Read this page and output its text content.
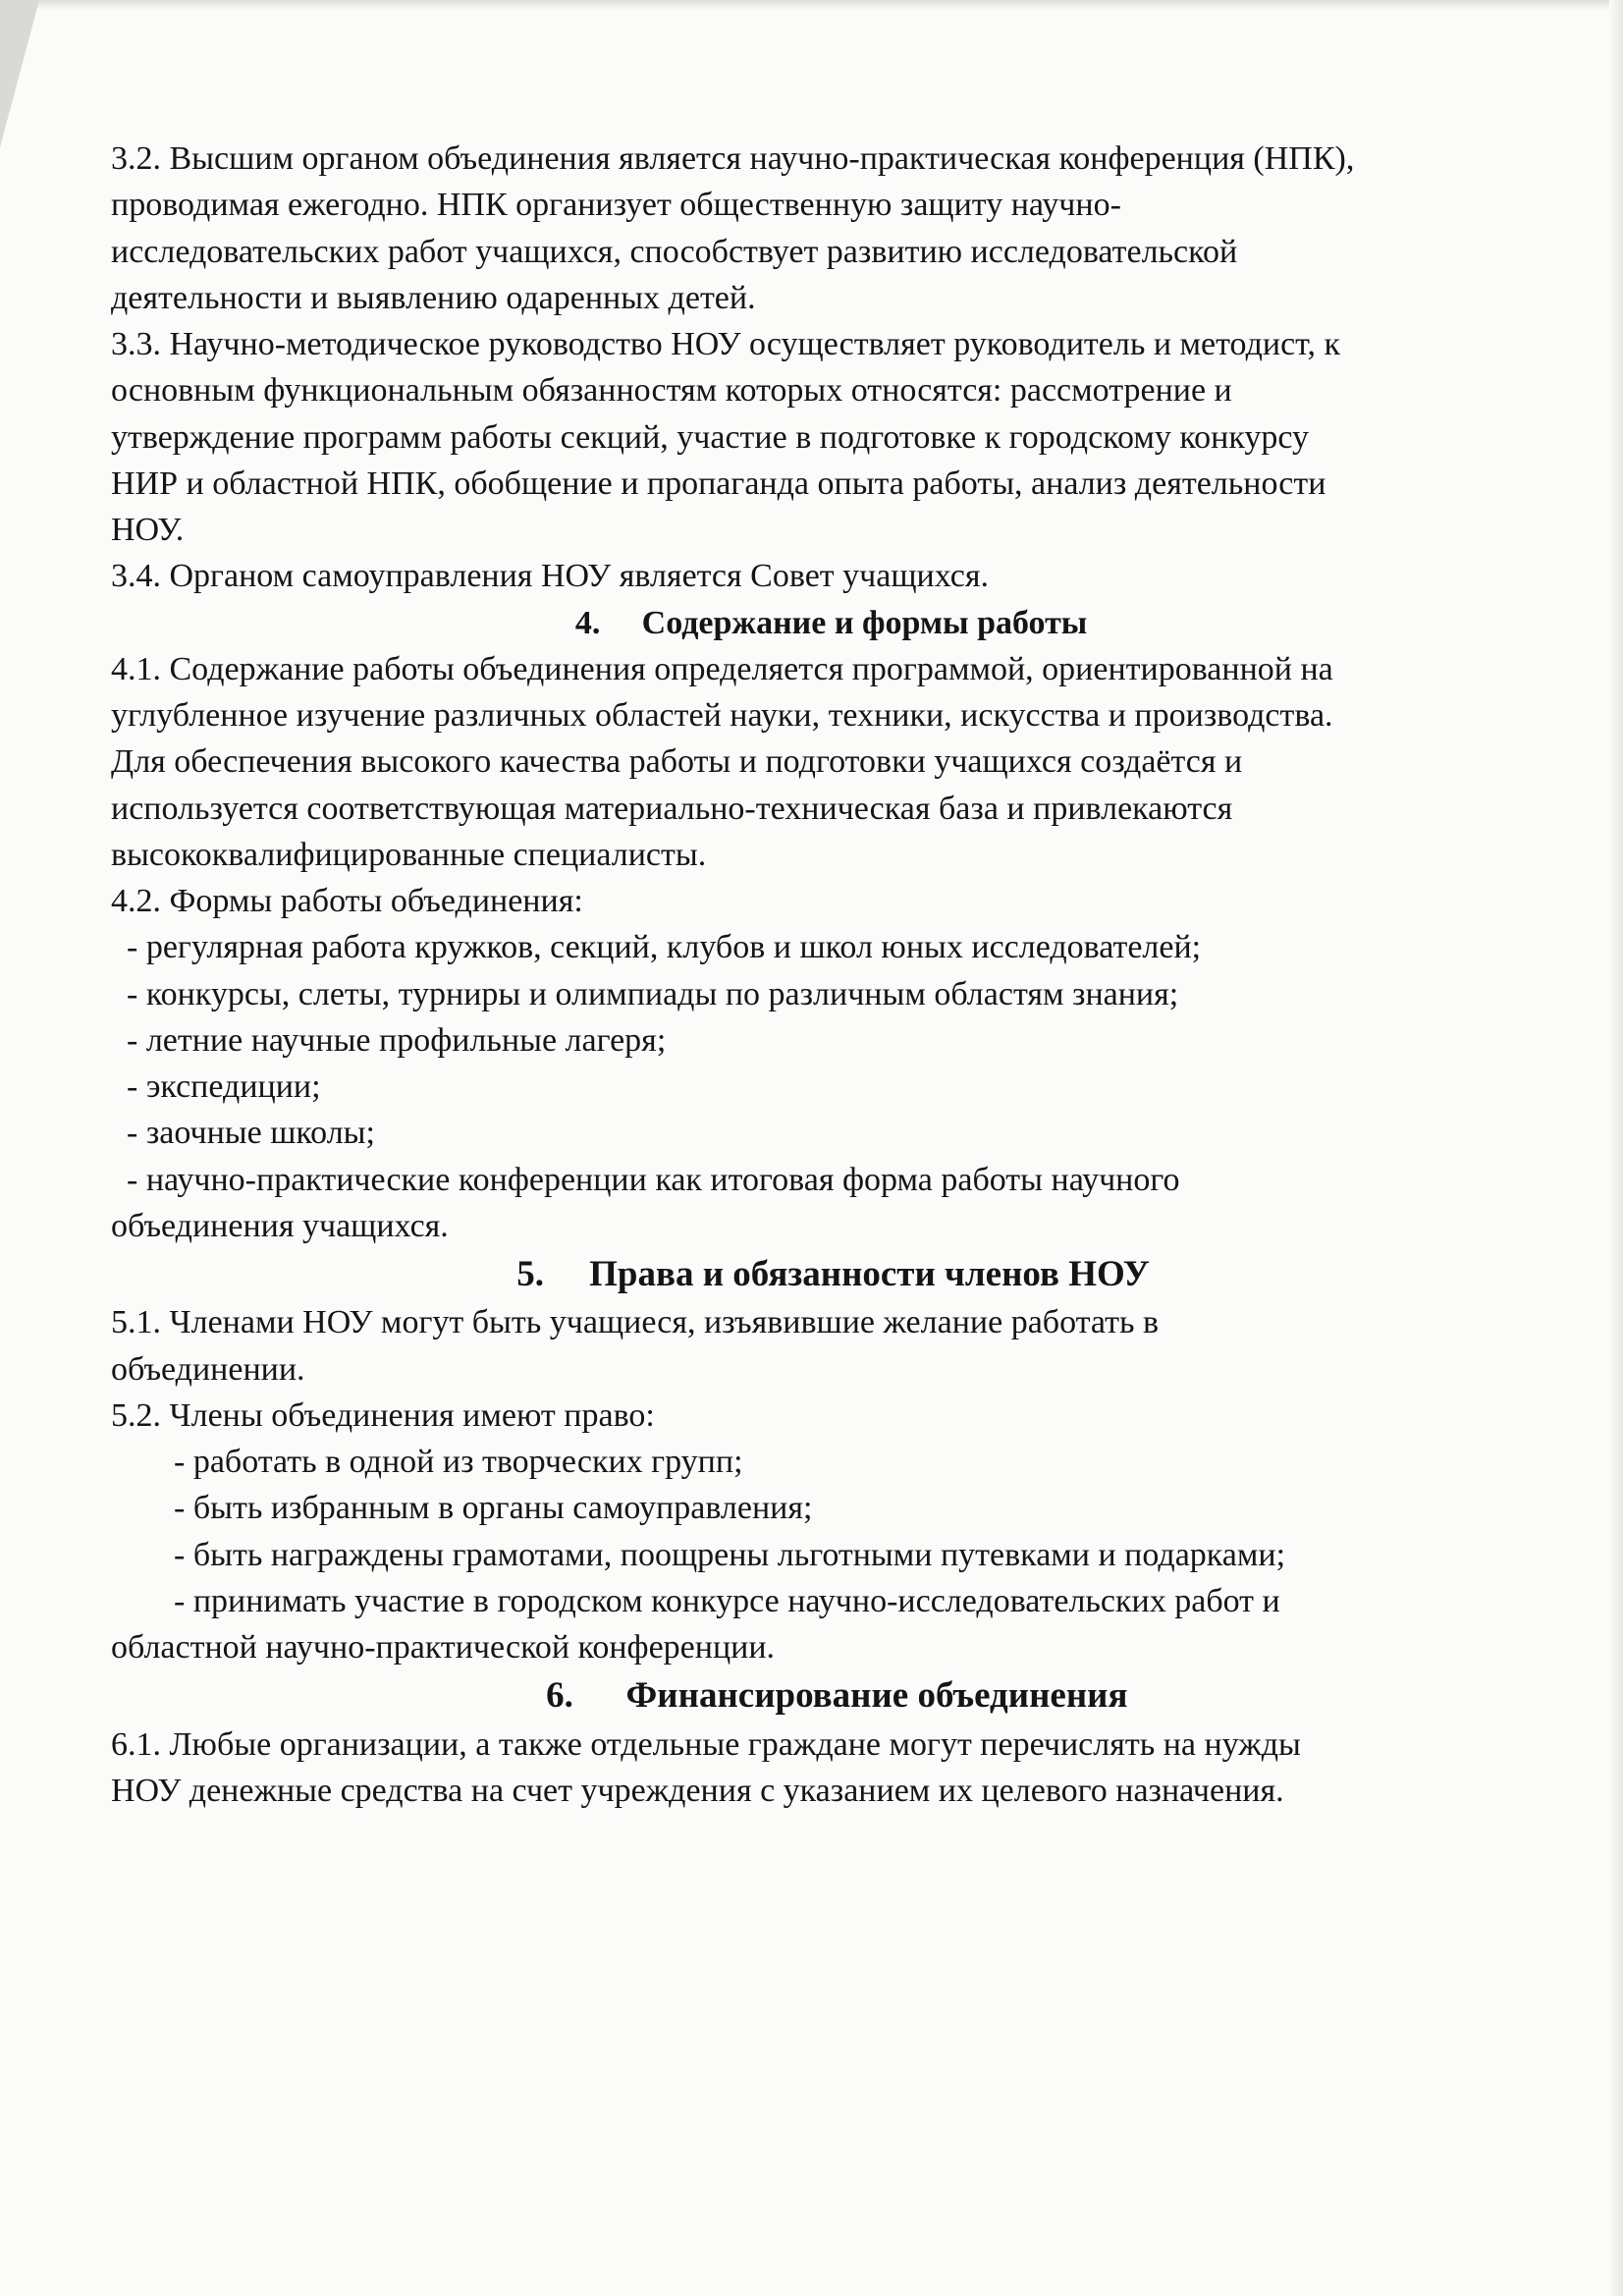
3.2. Высшим органом объединения является научно-практическая конференция (НПК),

проводимая ежегодно. НПК организует общественную защиту научно-

исследовательских работ учащихся, способствует развитию исследовательской

деятельности и выявлению одаренных детей.

3.3. Научно-методическое руководство НОУ осуществляет руководитель и методист, к

основным функциональным обязанностям которых относятся: рассмотрение и

утверждение программ работы секций, участие в подготовке к городскому конкурсу

НИР и областной НПК, обобщение и пропаганда опыта работы, анализ деятельности

НОУ.

3.4. Органом самоуправления НОУ является Совет учащихся.

4. Содержание и формы работы

4.1. Содержание работы объединения определяется программой, ориентированной на

углубленное изучение различных областей науки, техники, искусства и производства.

Для обеспечения высокого качества работы и подготовки учащихся создаётся и

используется соответствующая материально-техническая база и привлекаются

высококвалифицированные специалисты.

4.2. Формы работы объединения:

- регулярная работа кружков, секций, клубов и школ юных исследователей;

- конкурсы, слеты, турниры и олимпиады по различным областям знания;

- летние научные профильные лагеря;

- экспедиции;

- заочные школы;

- научно-практические конференции как итоговая форма работы научного

объединения учащихся.

5. Права и обязанности членов НОУ

5.1. Членами НОУ могут быть учащиеся, изъявившие желание работать в

объединении.

5.2. Члены объединения имеют право:

- работать в одной из творческих групп;

- быть избранным в органы самоуправления;

- быть награждены грамотами, поощрены льготными путевками и подарками;

- принимать участие в городском конкурсе научно-исследовательских работ и

областной научно-практической конференции.

6. Финансирование объединения

6.1. Любые организации, а также отдельные граждане могут перечислять на нужды

НОУ денежные средства на счет учреждения с указанием их целевого назначения.
